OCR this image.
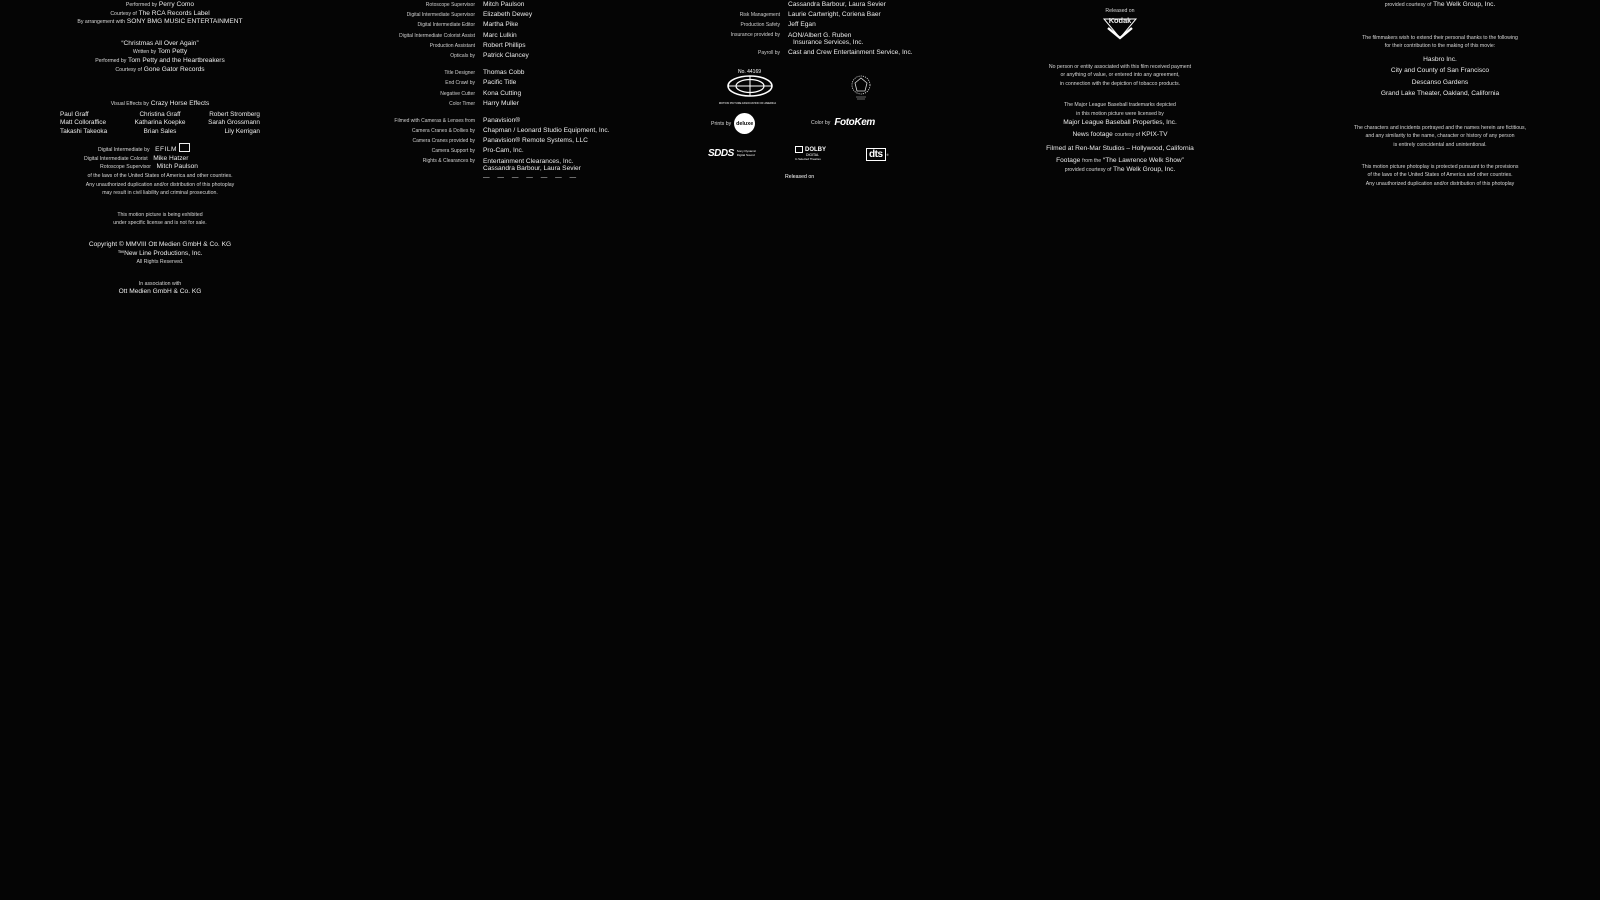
Performed by Perry Como
Courtesy of The RCA Records Label
By arrangement with SONY BMG MUSIC ENTERTAINMENT
“Christmas All Over Again”
Written by Tom Petty
Performed by Tom Petty and the Heartbreakers
Courtesy of Gone Gator Records
Visual Effects by Crazy Horse Effects
Paul Graff	Christina Graff	Robert Stromberg
Matt Colloraffice	Katharina Koepke	Sarah Grossmann
Takashi Takeoka	Brian Sales	Lily Kerrigan
Digital Intermediate by EFILM
Digital Intermediate Colorist Mike Hatzer
Rotoscope Supervisor Mitch Paulson
of the laws of the United States of America and other countries.
Any unauthorized duplication and/or distribution of this photoplay
may result in civil liability and criminal prosecution.
This motion picture is being exhibited
under specific license and is not for sale.
Copyright © MMVIII Ott Medien GmbH & Co. KG
™New Line Productions, Inc.
All Rights Reserved.
In association with
Ott Medien GmbH & Co. KG
Rotoscope Supervisor	Mitch Paulson
Digital Intermediate Supervisor	Elizabeth Dewey
Digital Intermediate Editor	Martha Pike
Digital Intermediate Colorist Assist	Marc Lulkin
Production Assistant	Robert Phillips
Opticals by	Patrick Clancey
Title Designer	Thomas Cobb
End Crawl by	Pacific Title
Negative Cutter	Kona Cutting
Color Timer	Harry Muller
Filmed with Cameras & Lenses from	Panavision®
Camera Cranes & Dollies by	Chapman / Leonard Studio Equipment, Inc.
Camera Cranes provided by	Panavision® Remote Systems, LLC
Camera Support by	Pro-Cam, Inc.
Rights & Clearances by	Entertainment Clearances, Inc.
Cassandra Barbour, Laura Sevier
— — — — — — —
Cassandra Barbour, Laura Sevier
Risk Management	Laurie Cartwright, Coriena Baer
Production Safety	Jeff Egan
Insurance provided by	AON/Albert G. Ruben
Insurance Services, Inc.
Payroll by	Cast and Crew Entertainment Service, Inc.
No. 44169
MOTION PICTURE ASSOCIATION OF AMERICA
Prints by deluxe	Color by FotoKem
SDDS Sony Dynamic Digital Sound
DOLBY
DIGITAL
In Selected Theatres	dts	®
Released on
Released on
Kodak
No person or entity associated with this film received payment
or anything of value, or entered into any agreement,
in connection with the depiction of tobacco products.
The Major League Baseball trademarks depicted
in this motion picture were licensed by
Major League Baseball Properties, Inc.
News footage courtesy of KPIX-TV
Filmed at Ren-Mar Studios – Hollywood, California
Footage from the “The Lawrence Welk Show”
provided courtesy of The Welk Group, Inc.
provided courtesy of The Welk Group, Inc.
The filmmakers wish to extend their personal thanks to the following
for their contribution to the making of this movie:
Hasbro Inc.
City and County of San Francisco
Descanso Gardens
Grand Lake Theater, Oakland, California
The characters and incidents portrayed and the names herein are fictitious,
and any similarity to the name, character or history of any person
is entirely coincidental and unintentional.
This motion picture photoplay is protected pursuant to the provisions
of the laws of the United States of America and other countries.
Any unauthorized duplication and/or distribution of this photoplay
